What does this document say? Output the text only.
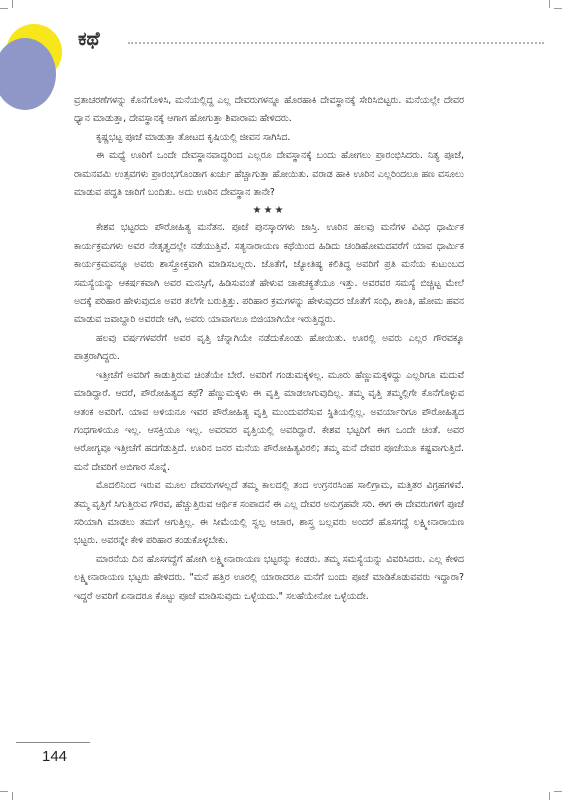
ಕಥೆ

ವ್ರತಾಚರಣೆಗಳನ್ನು ಕೊನೆಗೊಳಿಸಿ, ಮನೆಯಲ್ಲಿದ್ದ ಎಲ್ಲ ದೇವರುಗಳನ್ನೂ ಹೊರಹಾಕಿ ದೇವಸ್ಥಾನಕ್ಕೆ ಸೇರಿಸಿಬಿಟ್ಟರು. ಮನೆಯಲ್ಲೇ ದೇವರ ಧ್ಯಾನ ಮಾಡುತ್ತಾ, ದೇವಸ್ಥಾನಕ್ಕೆ ಆಗಾಗ ಹೋಗುತ್ತಾ ಶಿವಾರಾಮ ಹೇಳಿದರು.

ಕೃಷ್ಣಭಟ್ಟ ಪೂಜೆ ಮಾಡುತ್ತಾ ತೋಟದ ಕೃಷಿಯಲ್ಲಿ ಜೀವನ ಸಾಗಿಸಿದ.

ಈ ಮಧ್ಯೆ ಊರಿಗೆ ಒಂದೇ ದೇವಸ್ಥಾನವಾದ್ದರಿಂದ ಎಲ್ಲರೂ ದೇವಸ್ಥಾನಕ್ಕೆ ಬಂದು ಹೋಗಲು ಪ್ರಾರಂಭಿಸಿದರು. ನಿತ್ಯ ಪೂಜೆ, ರಾಮನವಮಿ ಉತ್ಸವಗಳು ಪ್ರಾರಂಭಗೊಂಡಾಗ ಖರ್ಚು ಹೆಚ್ಚಾಗುತ್ತಾ ಹೋಯಿತು. ವರಾಡ ಹಾಕಿ ಊರಿನ ಎಲ್ಲರಿಂದಲೂ ಹಣ ವಸೂಲು ಮಾಡುವ ಪದ್ಧತಿ ಜಾರಿಗೆ ಬಂದಿತು. ಅದು ಊರಿನ ದೇವಸ್ಥಾನ ತಾನೇ?

★★★

ಕೇಶವ ಭಟ್ಟರದು ಪೌರೋಹಿತ್ಯ ಮನೆತನ. ಪೂಜೆ ಪುನಸ್ಕಾರಗಳು ಜಾಸ್ತಿ. ಊರಿನ ಹಲವು ಮನೆಗಳ ವಿವಿಧ ಧಾರ್ಮಿಕ ಕಾರ್ಯಕ್ರಮಗಳು ಅವರ ನೇತೃತ್ವದಲ್ಲೇ ನಡೆಯುತ್ತಿವೆ. ಸತ್ಯನಾರಾಯಣ ಕಥೆಯಿಂದ ಹಿಡಿದು ಚಂಡಿಹೋಮದವರೆಗೆ ಯಾವ ಧಾರ್ಮಿಕ ಕಾರ್ಯಕ್ರಮವನ್ನೂ ಅವರು ಶಾಸ್ತ್ರೋಕ್ತವಾಗಿ ಮಾಡಿಸಬಲ್ಲರು. ಜೊತೆಗೆ, ಜ್ಯೋತಿಷ್ಯ ಕಲಿತಿದ್ದ ಅವರಿಗೆ ಪ್ರತಿ ಮನೆಯ ಕುಟುಂಬದ ಸಮಸ್ಯೆಯನ್ನು ಆಕರ್ಷಕವಾಗಿ ಅವರ ಮನಸ್ಸಿಗೆ, ಹಿಡಿಸುವಂತೆ ಹೇಳುವ ಚಾಕಚಕ್ಯತೆಯೂ ಇತ್ತು. ಅವರವರ ಸಮಸ್ಯೆ ಬಿಚ್ಚಿಟ್ಟ ಮೇಲೆ ಅದಕ್ಕೆ ಪರಿಹಾರ ಹೇಳುವುದೂ ಅವರ ತಲೆಗೇ ಬರುತ್ತಿತ್ತು. ಪರಿಹಾರ ಕ್ರಮಗಳನ್ನು ಹೇಳುವುದರ ಜೊತೆಗೆ ಸಂಧಿ, ಶಾಂತಿ, ಹೋಮ ಹವನ ಮಾಡುವ ಜವಾಬ್ದಾರಿ ಅವರದೇ ಆಗಿ, ಅವರು ಯಾವಾಗಲೂ ಬಿಜಿಯಾಗಿಯೇ ಇರುತ್ತಿದ್ದರು.

ಹಲವು ವರ್ಷಗಳವರೆಗೆ ಅವರ ವೃತ್ತಿ ಚೆನ್ನಾಗಿಯೇ ನಡೆದುಕೊಂಡು ಹೋಯಿತು. ಊರಲ್ಲಿ ಅವರು ಎಲ್ಲರ ಗೌರವಕ್ಕೂ ಪಾತ್ರರಾಗಿದ್ದರು.

ಇತ್ತೀಚೆಗೆ ಅವರಿಗೆ ಕಾಡುತ್ತಿರುವ ಚಿಂತೆಯೇ ಬೇರೆ. ಅವರಿಗೆ ಗಂಡುಮಕ್ಕಳಿಲ್ಲ. ಮೂರು ಹೆಣ್ಣುಮಕ್ಕಳಿದ್ದು ಎಲ್ಲರಿಗೂ ಮದುವೆ ಮಾಡಿದ್ದಾರೆ. ಆದರೆ, ಪೌರೋಹಿತ್ಯದ ಕಥೆ? ಹೆಣ್ಣುಮಕ್ಕಳು ಈ ವೃತ್ತಿ ಮಾಡಲಾಗುವುದಿಲ್ಲ. ತಮ್ಮ ವೃತ್ತಿ ತಮ್ಮಲ್ಲಿಗೇ ಕೊನೆಗೊಳ್ಳುವ ಆತಂಕ ಅವರಿಗೆ. ಯಾವ ಅಳಿಯನೂ ಇವರ ಪೌರೋಹಿತ್ಯ ವೃತ್ತಿ ಮುಂದುವರೆಸುವ ಸ್ಥಿತಿಯಲ್ಲಿಲ್ಲ. ಅವರ್ಯಾರಿಗೂ ಪೌರೋಹಿತ್ಯದ ಗಂಧಗಾಳಿಯೂ ಇಲ್ಲ. ಆಸಕ್ತಿಯೂ ಇಲ್ಲ. ಅವರವರ ವೃತ್ತಿಯಲ್ಲಿ ಅವರಿದ್ದಾರೆ. ಕೇಶವ ಭಟ್ಟರಿಗೆ ಈಗ ಒಂದೇ ಚಿಂತೆ. ಅವರ ಆರೋಗ್ಯವೂ ಇತ್ತೀಚೆಗೆ ಹದಗೆಡುತ್ತಿದೆ. ಊರಿನ ಜನರ ಮನೆಯ ಪೌರೋಹಿತ್ಯವಿರಲಿ; ತಮ್ಮ ಮನೆ ದೇವರ ಪೂಜೆಯೂ ಕಷ್ಟವಾಗುತ್ತಿದೆ. ಮನೆ ದೇವರಿಗೆ ಅಬಿಗಾರ ಸೊನ್ನೆ.

ಮೊದಲಿನಿಂದ ಇರುವ ಮೂಲ ದೇವರುಗಳಲ್ಲದೆ ತಮ್ಮ ಕಾಲದಲ್ಲಿ ತಂದ ಉಗ್ರನರಸಿಂಹ ಸಾಲಿಗ್ರಾಮ, ಮತ್ತಿತರ ವಿಗ್ರಹಗಳಿವೆ. ತಮ್ಮ ವೃತ್ತಿಗೆ ಸಿಗುತ್ತಿರುವ ಗೌರವ, ಹೆಚ್ಚುತ್ತಿರುವ ಆರ್ಥಿಕ ಸಂಪಾದನೆ ಈ ಎಲ್ಲ ದೇವರ ಅನುಗ್ರಹವೇ ಸರಿ. ಈಗ ಈ ದೇವರುಗಳಿಗೆ ಪೂಜೆ ಸರಿಯಾಗಿ ಮಾಡಲು ತಮಗೆ ಆಗುತ್ತಿಲ್ಲ. ಈ ಸೀಮೆಯಲ್ಲಿ ಸ್ವಲ್ಪ ಆಚಾರ, ಶಾಸ್ತ್ರ ಬಲ್ಲವರು ಅಂದರೆ ಹೊಸಗದ್ದೆ ಲಕ್ಷ್ಮೀನಾರಾಯಣ ಭಟ್ಟರು. ಅವರನ್ನೇ ಕೇಳಿ ಪರಿಹಾರ ಕಂಡುಕೊಳ್ಳಬೇಕು.

ಮಾರನೆಯ ದಿನ ಹೊಸಗದ್ದೆಗೆ ಹೋಗಿ ಲಕ್ಷ್ಮೀನಾರಾಯಣ ಭಟ್ಟರನ್ನು ಕಂಡರು. ತಮ್ಮ ಸಮಸ್ಯೆಯನ್ನು ವಿವರಿಸಿದರು. ಎಲ್ಲ ಕೇಳಿದ ಲಕ್ಷ್ಮೀನಾರಾಯಣ ಭಟ್ಟರು ಹೇಳಿದರು. "ಮನೆ ಹತ್ತಿರ ಊರಲ್ಲಿ ಯಾರಾದರೂ ಮನೆಗೆ ಬಂದು ಪೂಜೆ ಮಾಡಿಕೊಡುವವರು ಇದ್ದಾರಾ? ಇದ್ದರೆ ಅವರಿಗೆ ಏನಾದರೂ ಕೊಟ್ಟು ಪೂಜೆ ಮಾಡಿಸುವುದು ಒಳ್ಳೆಯದು." ಸಲಹೆಯೇನೋ ಒಳ್ಳೆಯದೇ.

144
